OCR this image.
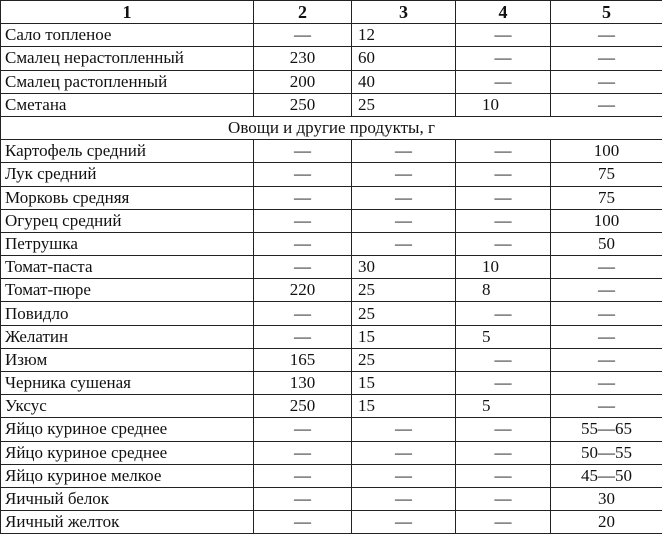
1	2	3	4	5
Сало топленое	—	12	—	—
Смалец нерастопленный	230	60	—	—
Смалец растопленный	200	40	—	—
Сметана	250	25	10	—
Овощи и другие продукты, г				
Картофель средний	—	—	—	100
Лук средний	—	—	—	75
Морковь средняя	—	—	—	75
Огурец средний	—	—	—	100
Петрушка	—	—	—	50
Томат-паста	—	30	10	—
Томат-пюре	220	25	8	—
Повидло	—	25	—	—
Желатин	—	15	5	—
Изюм	165	25	—	—
Черника сушеная	130	15	—	—
Уксус	250	15	5	—
Яйцо куриное среднее	—	—	—	55—65
Яйцо куриное среднее	—	—	—	50—55
Яйцо куриное мелкое	—	—	—	45—50
Яичный белок	—	—	—	30
Яичный желток	—	—	—	20
